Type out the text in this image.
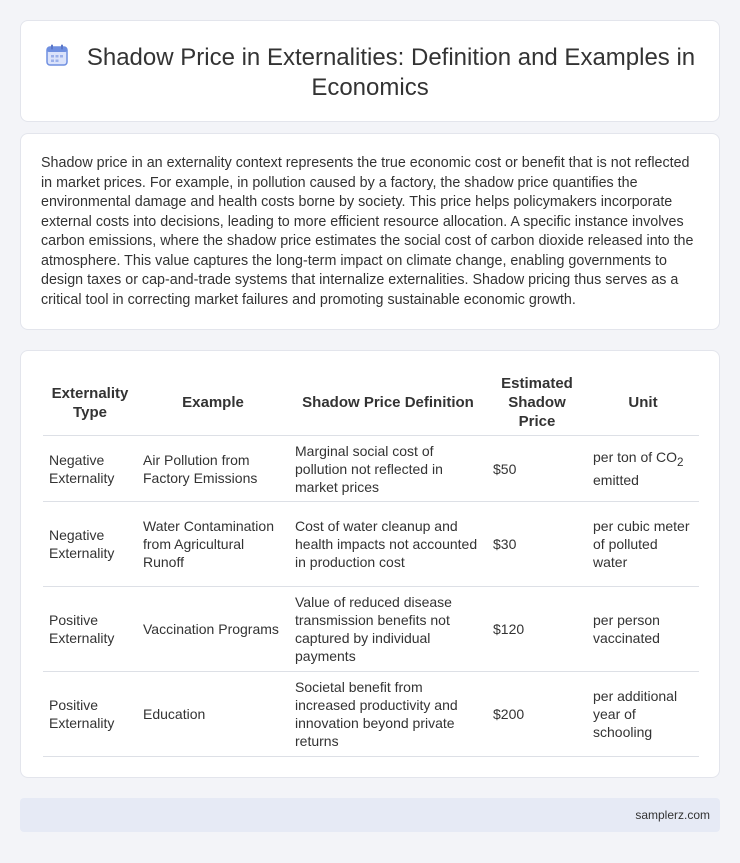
Shadow Price in Externalities: Definition and Examples in Economics

Shadow price in an externality context represents the true economic cost or benefit that is not reflected in market prices. For example, in pollution caused by a factory, the shadow price quantifies the environmental damage and health costs borne by society. This price helps policymakers incorporate external costs into decisions, leading to more efficient resource allocation. A specific instance involves carbon emissions, where the shadow price estimates the social cost of carbon dioxide released into the atmosphere. This value captures the long-term impact on climate change, enabling governments to design taxes or cap-and-trade systems that internalize externalities. Shadow pricing thus serves as a critical tool in correcting market failures and promoting sustainable economic growth.

Externality Type	Example	Shadow Price Definition	Estimated Shadow Price	Unit
Negative Externality	Air Pollution from Factory Emissions	Marginal social cost of pollution not reflected in market prices	$50	per ton of $CO_2$ emitted
Negative Externality	Water Contamination from Agricultural Runoff	Cost of water cleanup and health impacts not accounted in production cost	$30	per cubic meter of polluted water
Positive Externality	Vaccination Programs	Value of reduced disease transmission benefits not captured by individual payments	$120	per person vaccinated
Positive Externality	Education	Societal benefit from increased productivity and innovation beyond private returns	$200	per additional year of schooling
samplerz.com
